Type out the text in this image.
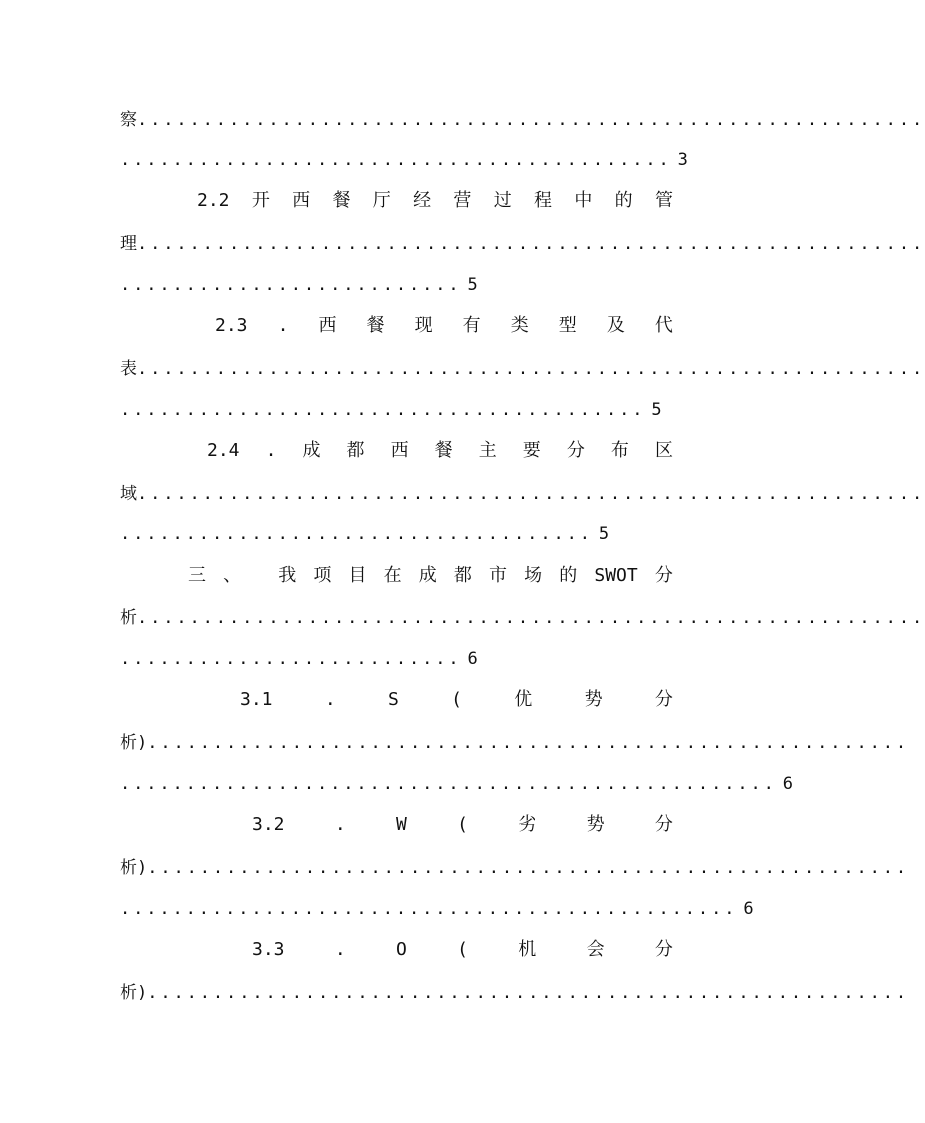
察............................................................
.......................................... 3
2.2 开 西 餐 厅 经 营 过 程 中 的 管
理............................................................
.......................... 5
2.3 . 西 餐 现 有 类 型 及 代
表............................................................
........................................ 5
2.4 . 成 都 西 餐 主 要 分 布 区
域............................................................
.................................... 5
三 、 我 项 目 在 成 都 市 场 的 SWOT 分
析............................................................
.......................... 6
3.1	.	S	(	优	势	分
析)..........................................................
.................................................. 6
3.2	.	W	(	劣	势	分
析)..........................................................
............................................... 6
3.3	.	O	(	机	会	分
析)..........................................................
